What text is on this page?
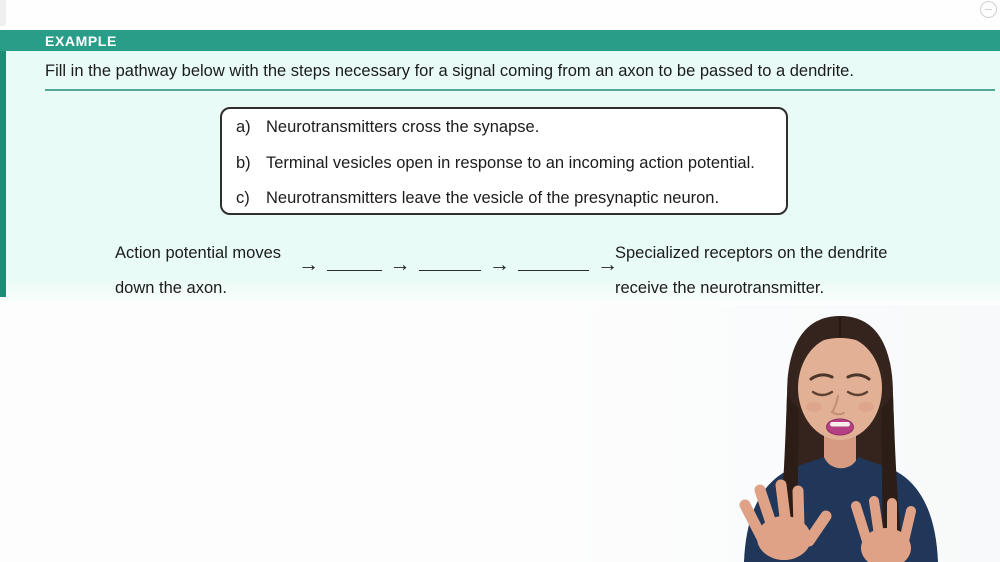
EXAMPLE
Fill in the pathway below with the steps necessary for a signal coming from an axon to be passed to a dendrite.
a) Neurotransmitters cross the synapse.
b) Terminal vesicles open in response to an incoming action potential.
c) Neurotransmitters leave the vesicle of the presynaptic neuron.
Action potential moves
down the axon.
→	→	→	→
Specialized receptors on the dendrite
receive the neurotransmitter.
